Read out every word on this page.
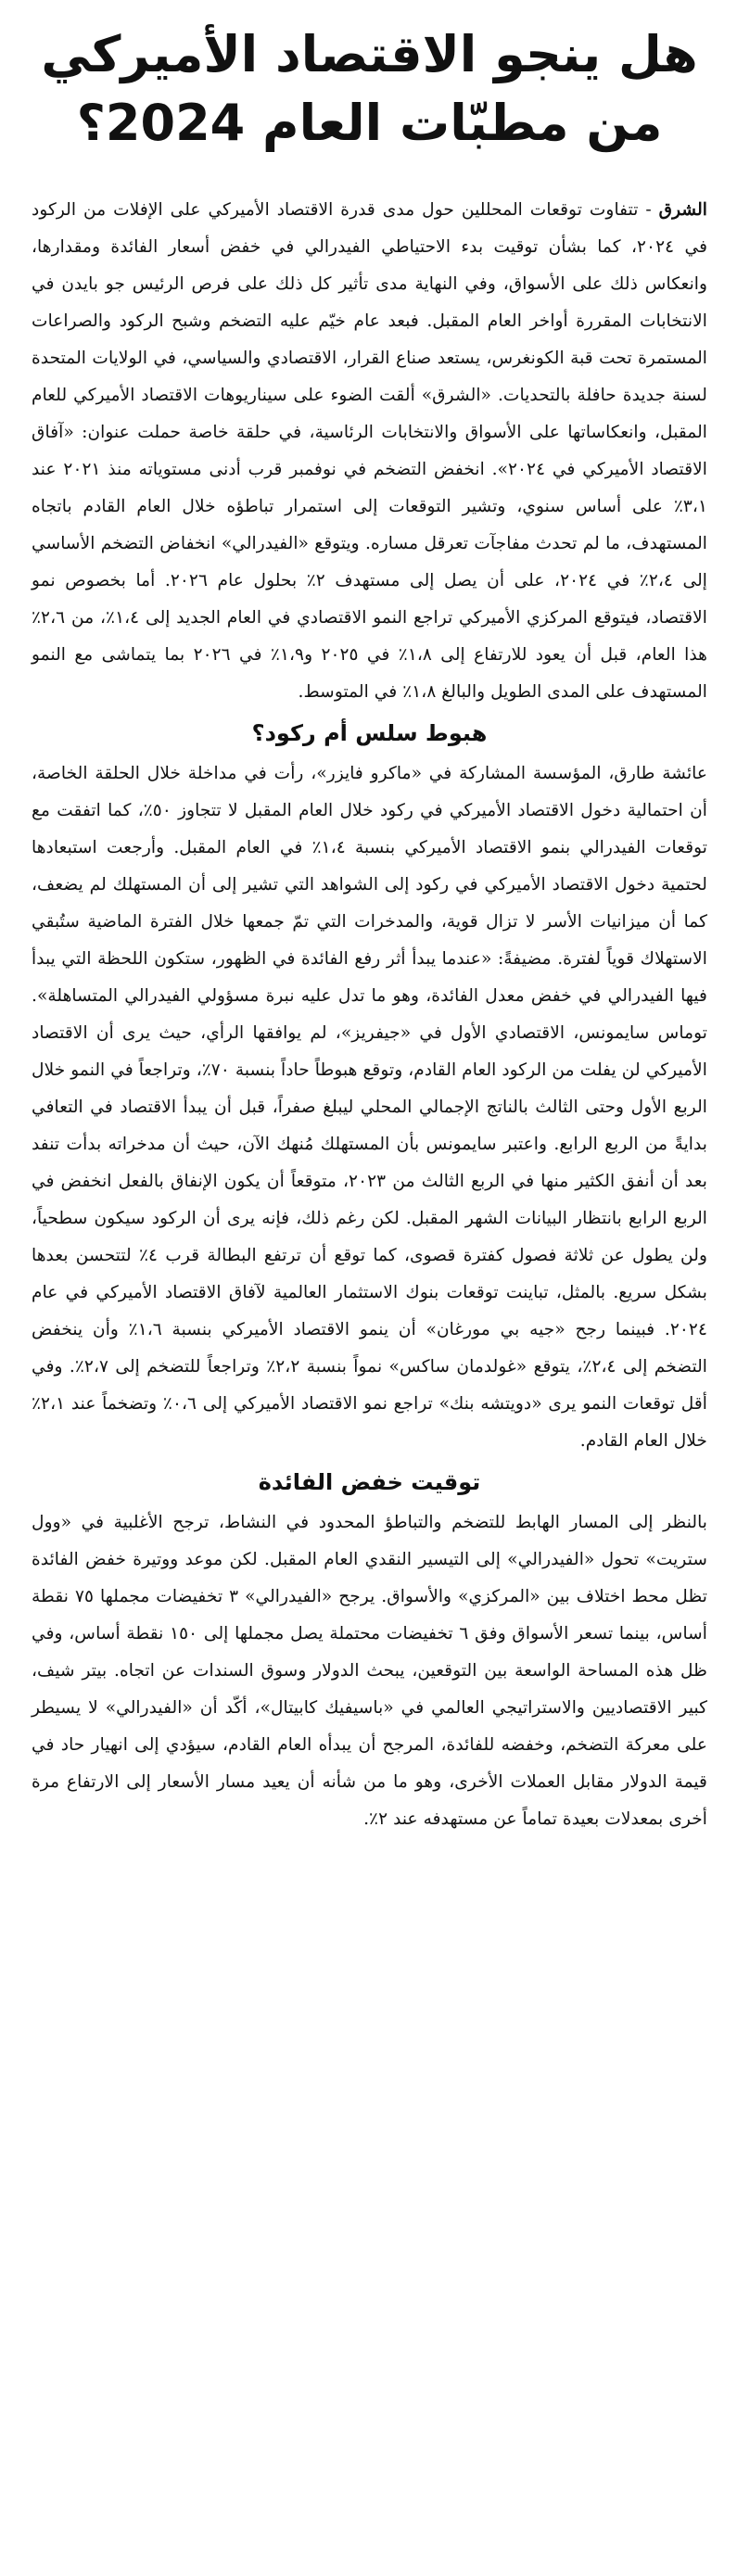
هل ينجو الاقتصاد الأميركي
من مطبّات العام 2024؟

الشرق - تتفاوت توقعات المحللين حول مدى قدرة الاقتصاد الأميركي على الإفلات من الركود في ٢٠٢٤، كما بشأن توقيت بدء الاحتياطي الفيدرالي في خفض أسعار الفائدة ومقدارها، وانعكاس ذلك على الأسواق، وفي النهاية مدى تأثير كل ذلك على فرص الرئيس جو بايدن في الانتخابات المقررة أواخر العام المقبل. فبعد عام خيّم عليه التضخم وشبح الركود والصراعات المستمرة تحت قبة الكونغرس، يستعد صناع القرار، الاقتصادي والسياسي، في الولايات المتحدة لسنة جديدة حافلة بالتحديات. «الشرق» ألقت الضوء على سيناريوهات الاقتصاد الأميركي للعام المقبل، وانعكاساتها على الأسواق والانتخابات الرئاسية، في حلقة خاصة حملت عنوان: «آفاق الاقتصاد الأميركي في ٢٠٢٤». انخفض التضخم في نوفمبر قرب أدنى مستوياته منذ ٢٠٢١ عند ٣،١٪ على أساس سنوي، وتشير التوقعات إلى استمرار تباطؤه خلال العام القادم باتجاه المستهدف، ما لم تحدث مفاجآت تعرقل مساره. ويتوقع «الفيدرالي» انخفاض التضخم الأساسي إلى ٢،٤٪ في ٢٠٢٤، على أن يصل إلى مستهدف ٢٪ بحلول عام ٢٠٢٦. أما بخصوص نمو الاقتصاد، فيتوقع المركزي الأميركي تراجع النمو الاقتصادي في العام الجديد إلى ١،٤٪، من ٢،٦٪ هذا العام، قبل أن يعود للارتفاع إلى ١،٨٪ في ٢٠٢٥ و١،٩٪ في ٢٠٢٦ بما يتماشى مع النمو المستهدف على المدى الطويل والبالغ ١،٨٪ في المتوسط.

هبوط سلس أم ركود؟

عائشة طارق، المؤسسة المشاركة في «ماكرو فايزر»، رأت في مداخلة خلال الحلقة الخاصة، أن احتمالية دخول الاقتصاد الأميركي في ركود خلال العام المقبل لا تتجاوز ٥٠٪، كما اتفقت مع توقعات الفيدرالي بنمو الاقتصاد الأميركي بنسبة ١،٤٪ في العام المقبل. وأرجعت استبعادها لحتمية دخول الاقتصاد الأميركي في ركود إلى الشواهد التي تشير إلى أن المستهلك لم يضعف، كما أن ميزانيات الأسر لا تزال قوية، والمدخرات التي تمّ جمعها خلال الفترة الماضية ستُبقي الاستهلاك قوياً لفترة. مضيفةً: «عندما يبدأ أثر رفع الفائدة في الظهور، ستكون اللحظة التي يبدأ فيها الفيدرالي في خفض معدل الفائدة، وهو ما تدل عليه نبرة مسؤولي الفيدرالي المتساهلة». توماس سايمونس، الاقتصادي الأول في «جيفريز»، لم يوافقها الرأي، حيث يرى أن الاقتصاد الأميركي لن يفلت من الركود العام القادم، وتوقع هبوطاً حاداً بنسبة ٧٠٪، وتراجعاً في النمو خلال الربع الأول وحتى الثالث بالناتج الإجمالي المحلي ليبلغ صفراً، قبل أن يبدأ الاقتصاد في التعافي بدايةً من الربع الرابع. واعتبر سايمونس بأن المستهلك مُنهك الآن، حيث أن مدخراته بدأت تنفد بعد أن أنفق الكثير منها في الربع الثالث من ٢٠٢٣، متوقعاً أن يكون الإنفاق بالفعل انخفض في الربع الرابع بانتظار البيانات الشهر المقبل. لكن رغم ذلك، فإنه يرى أن الركود سيكون سطحياً، ولن يطول عن ثلاثة فصول كفترة قصوى، كما توقع أن ترتفع البطالة قرب ٤٪ لتتحسن بعدها بشكل سريع. بالمثل، تباينت توقعات بنوك الاستثمار العالمية لآفاق الاقتصاد الأميركي في عام ٢٠٢٤. فبينما رجح «جيه بي مورغان» أن ينمو الاقتصاد الأميركي بنسبة ١،٦٪ وأن ينخفض التضخم إلى ٢،٤٪، يتوقع «غولدمان ساكس» نمواً بنسبة ٢،٢٪ وتراجعاً للتضخم إلى ٢،٧٪. وفي أقل توقعات النمو يرى «دويتشه بنك» تراجع نمو الاقتصاد الأميركي إلى ٠،٦٪ وتضخماً عند ٢،١٪ خلال العام القادم.

توقيت خفض الفائدة

بالنظر إلى المسار الهابط للتضخم والتباطؤ المحدود في النشاط، ترجح الأغلبية في «وول ستريت» تحول «الفيدرالي» إلى التيسير النقدي العام المقبل. لكن موعد ووتيرة خفض الفائدة تظل محط اختلاف بين «المركزي» والأسواق. يرجح «الفيدرالي» ٣ تخفيضات مجملها ٧٥ نقطة أساس، بينما تسعر الأسواق وفق ٦ تخفيضات محتملة يصل مجملها إلى ١٥٠ نقطة أساس، وفي ظل هذه المساحة الواسعة بين التوقعين، يبحث الدولار وسوق السندات عن اتجاه. بيتر شيف، كبير الاقتصاديين والاستراتيجي العالمي في «باسيفيك كابيتال»، أكّد أن «الفيدرالي» لا يسيطر على معركة التضخم، وخفضه للفائدة، المرجح أن يبدأه العام القادم، سيؤدي إلى انهيار حاد في قيمة الدولار مقابل العملات الأخرى، وهو ما من شأنه أن يعيد مسار الأسعار إلى الارتفاع مرة أخرى بمعدلات بعيدة تماماً عن مستهدفه عند ٢٪.
